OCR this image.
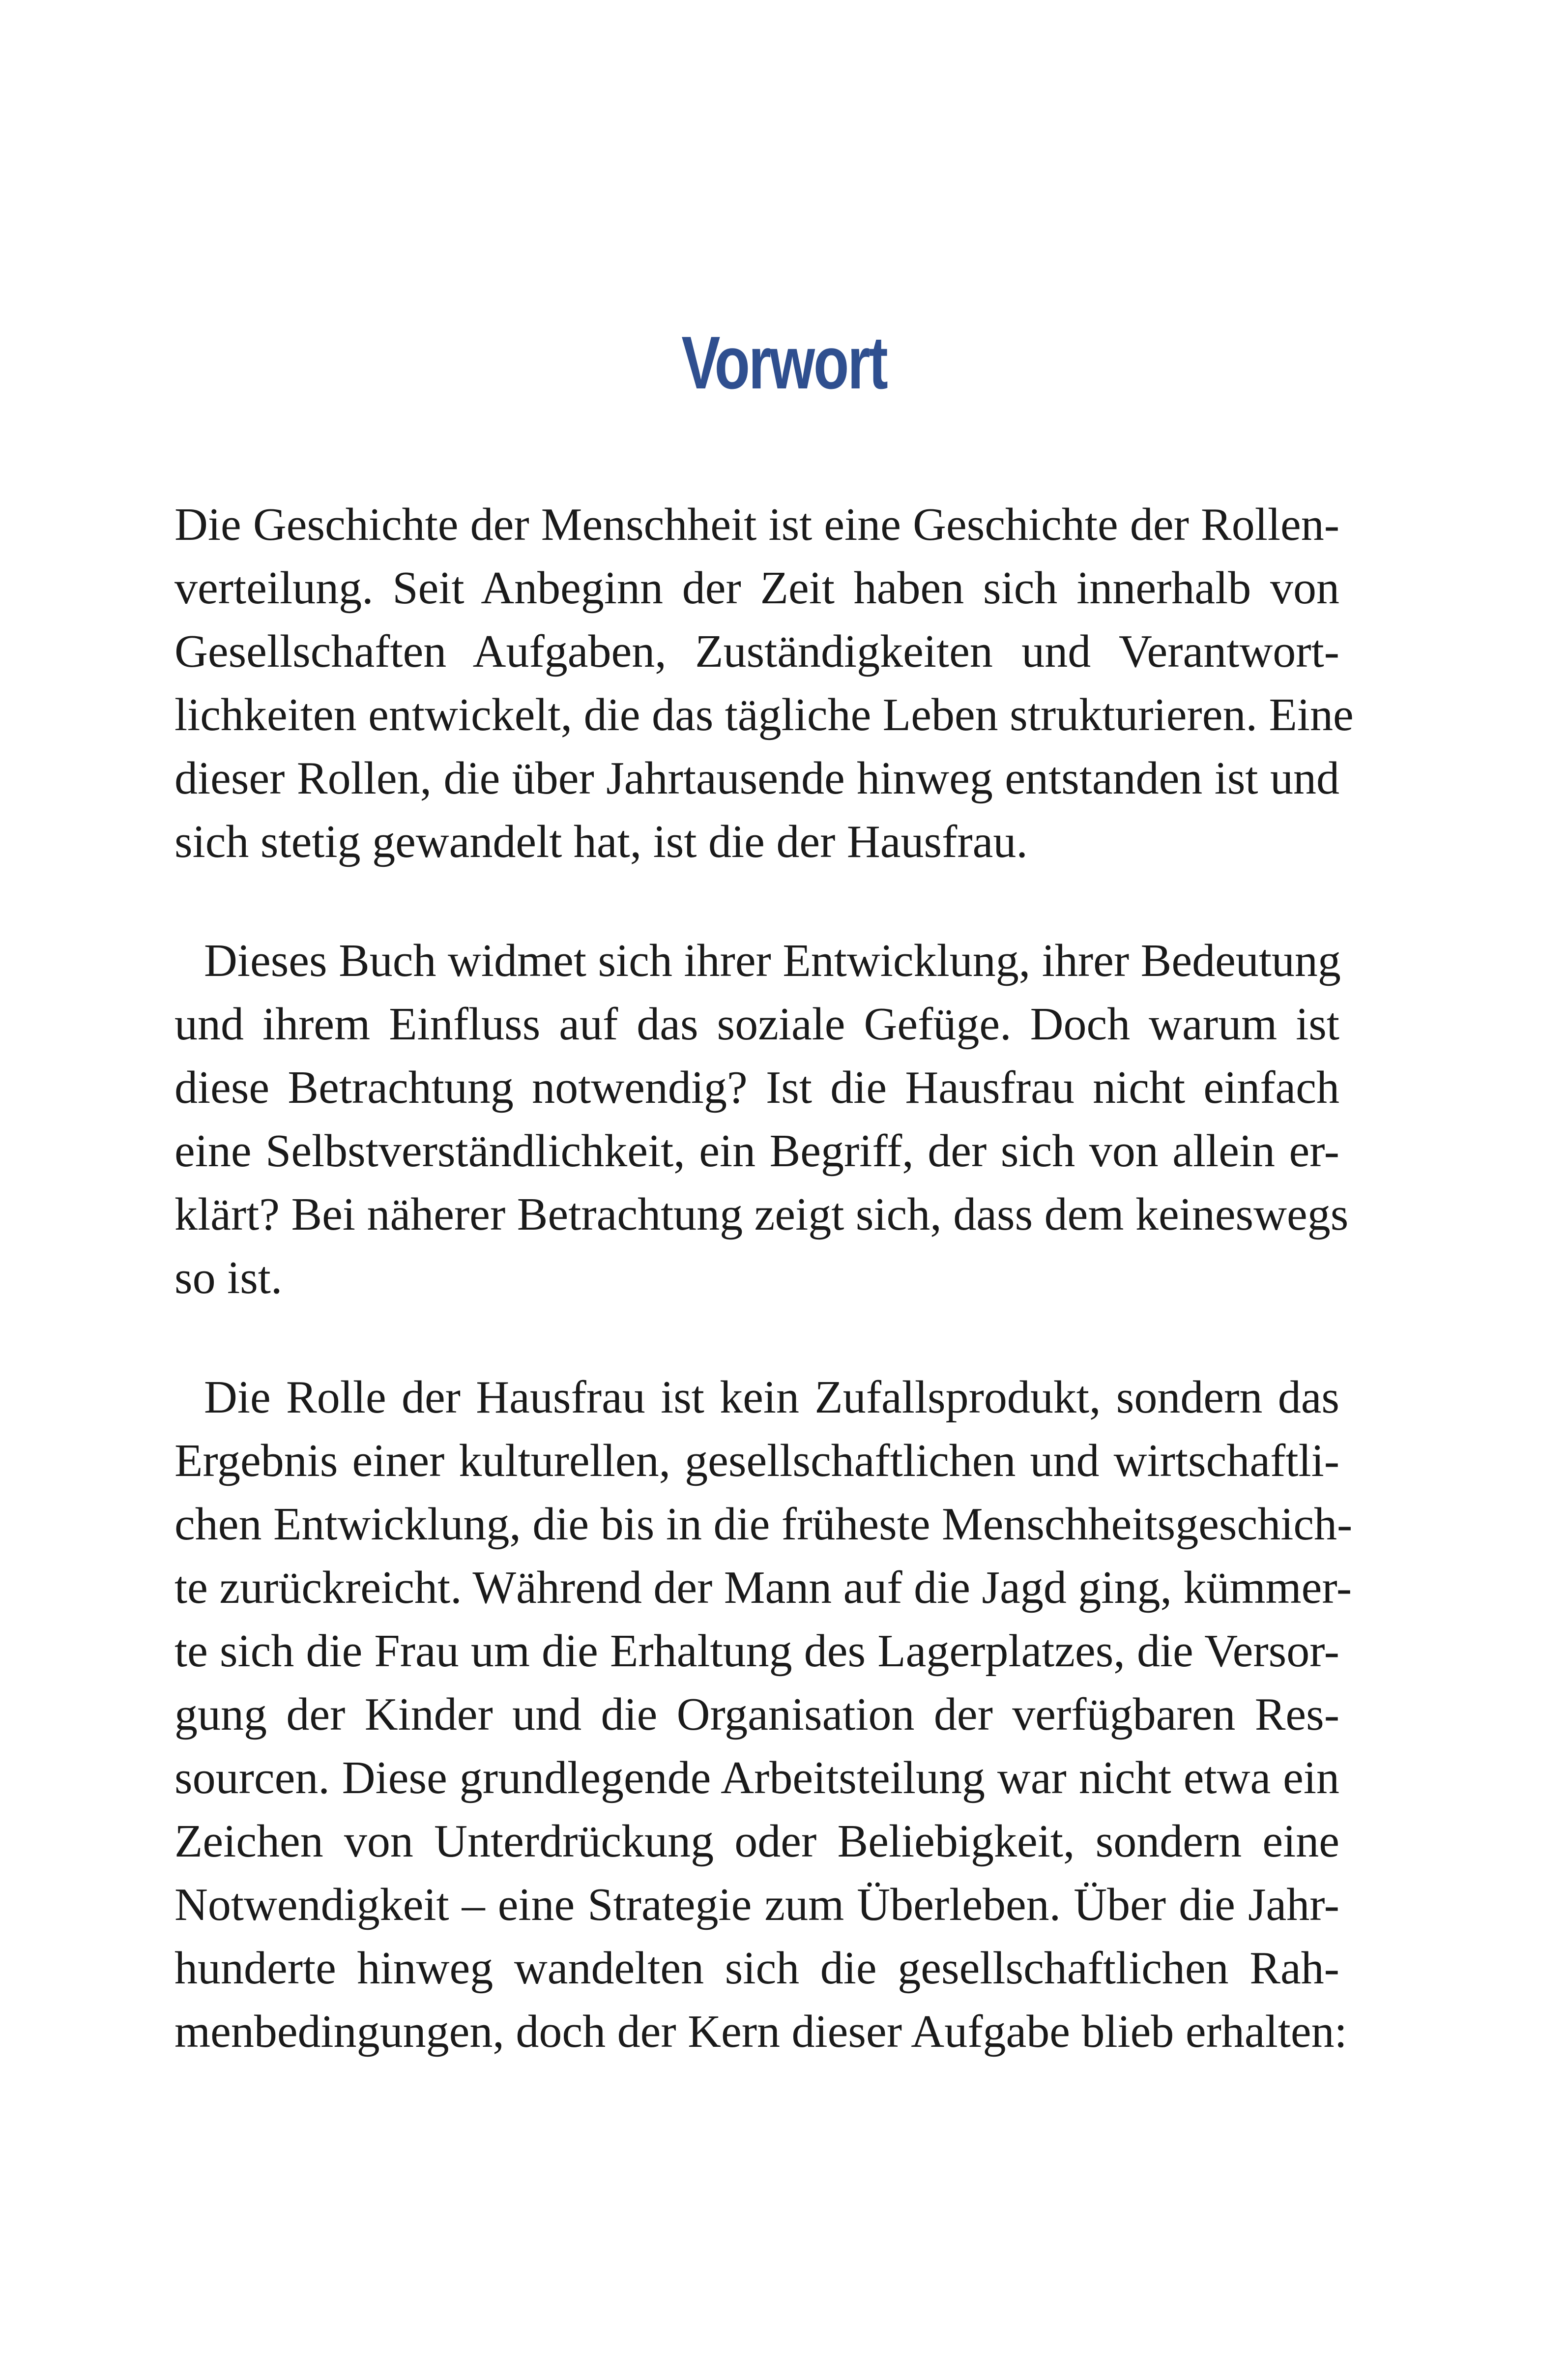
Vorwort
Die Geschichte der Menschheit ist eine Geschichte der Rollen-
verteilung. Seit Anbeginn der Zeit haben sich innerhalb von
Gesellschaften Aufgaben, Zuständigkeiten und Verantwort-
lichkeiten entwickelt, die das tägliche Leben strukturieren. Eine
dieser Rollen, die über Jahrtausende hinweg entstanden ist und
sich stetig gewandelt hat, ist die der Hausfrau.
Dieses Buch widmet sich ihrer Entwicklung, ihrer Bedeutung
und ihrem Einfluss auf das soziale Gefüge. Doch warum ist
diese Betrachtung notwendig? Ist die Hausfrau nicht einfach
eine Selbstverständlichkeit, ein Begriff, der sich von allein er-
klärt? Bei näherer Betrachtung zeigt sich, dass dem keineswegs
so ist.
Die Rolle der Hausfrau ist kein Zufallsprodukt, sondern das
Ergebnis einer kulturellen, gesellschaftlichen und wirtschaftli-
chen Entwicklung, die bis in die früheste Menschheitsgeschich-
te zurückreicht. Während der Mann auf die Jagd ging, kümmer-
te sich die Frau um die Erhaltung des Lagerplatzes, die Versor-
gung der Kinder und die Organisation der verfügbaren Res-
sourcen. Diese grundlegende Arbeitsteilung war nicht etwa ein
Zeichen von Unterdrückung oder Beliebigkeit, sondern eine
Notwendigkeit – eine Strategie zum Überleben. Über die Jahr-
hunderte hinweg wandelten sich die gesellschaftlichen Rah-
menbedingungen, doch der Kern dieser Aufgabe blieb erhalten:
